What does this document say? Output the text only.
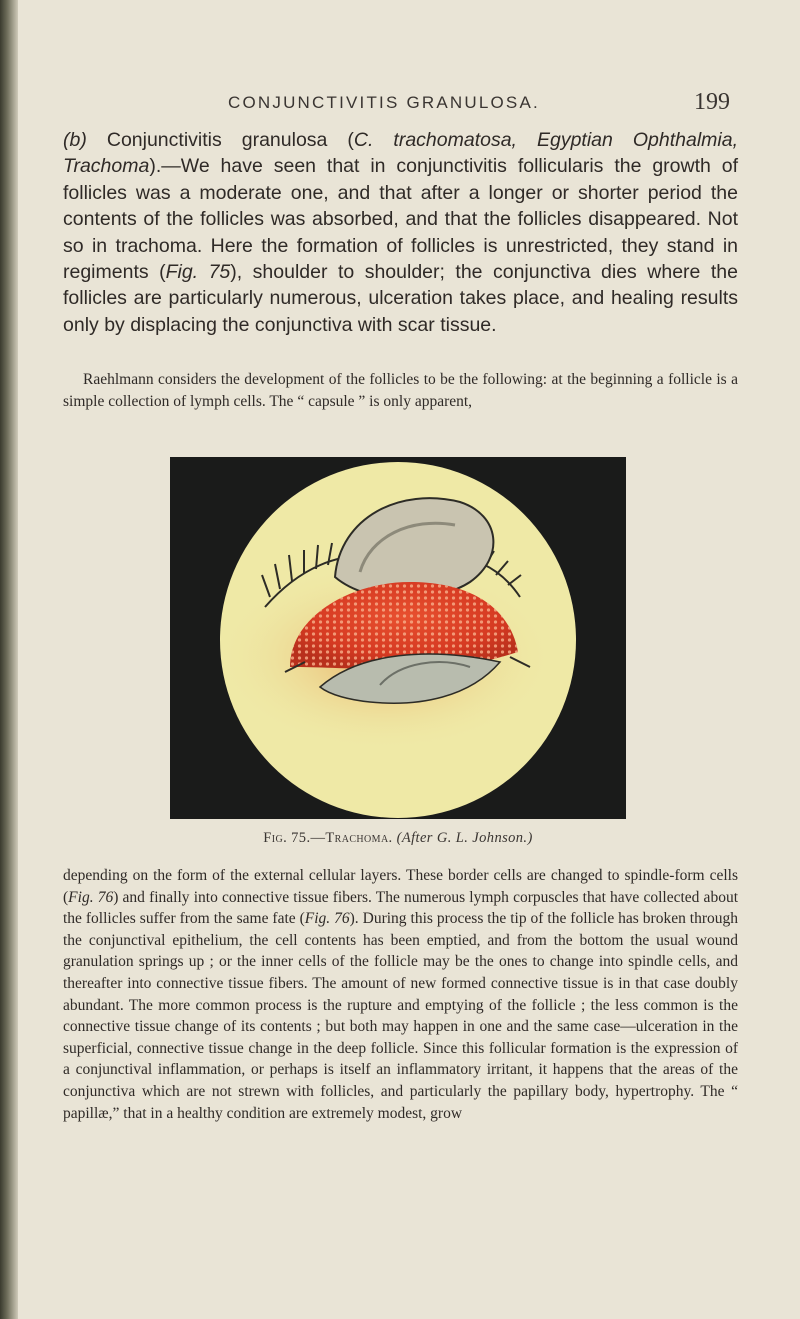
CONJUNCTIVITIS GRANULOSA.	199

(b) Conjunctivitis granulosa (C. trachomatosa, Egyptian Ophthalmia, Trachoma).—We have seen that in conjunctivitis follicularis the growth of follicles was a moderate one, and that after a longer or shorter period the contents of the follicles was absorbed, and that the follicles disappeared. Not so in trachoma. Here the formation of follicles is unrestricted, they stand in regiments (Fig. 75), shoulder to shoulder; the conjunctiva dies where the follicles are particularly numerous, ulceration takes place, and healing results only by displacing the conjunctiva with scar tissue.

Raehlmann considers the development of the follicles to be the following: at the beginning a follicle is a simple collection of lymph cells. The “ capsule ” is only apparent,

Fig. 75.—Trachoma. (After G. L. Johnson.)

depending on the form of the external cellular layers. These border cells are changed to spindle-form cells (Fig. 76) and finally into connective tissue fibers. The numerous lymph corpuscles that have collected about the follicles suffer from the same fate (Fig. 76). During this process the tip of the follicle has broken through the conjunctival epithelium, the cell contents has been emptied, and from the bottom the usual wound granulation springs up ; or the inner cells of the follicle may be the ones to change into spindle cells, and thereafter into connective tissue fibers. The amount of new formed connective tissue is in that case doubly abundant. The more common process is the rupture and emptying of the follicle ; the less common is the connective tissue change of its contents ; but both may happen in one and the same case—ulceration in the superficial, connective tissue change in the deep follicle. Since this follicular formation is the expression of a conjunctival inflammation, or perhaps is itself an inflammatory irritant, it happens that the areas of the conjunctiva which are not strewn with follicles, and particularly the papillary body, hypertrophy. The “ papillæ,” that in a healthy condition are extremely modest, grow
